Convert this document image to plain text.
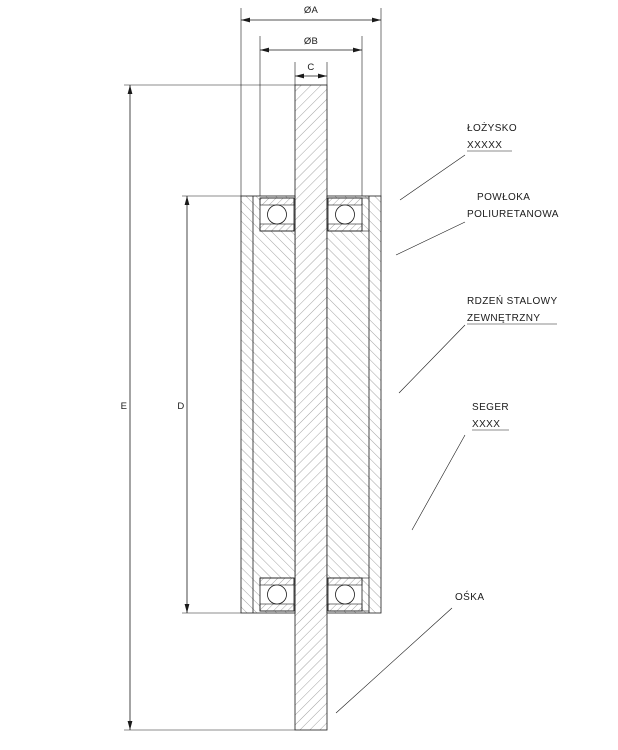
ØA
ØB
C
D
E
ŁOŻYSKO
XXXXX
POWŁOKA
POLIURETANOWA
RDZEŃ STALOWY
ZEWNĘTRZNY
SEGER
XXXX
OŚKA
